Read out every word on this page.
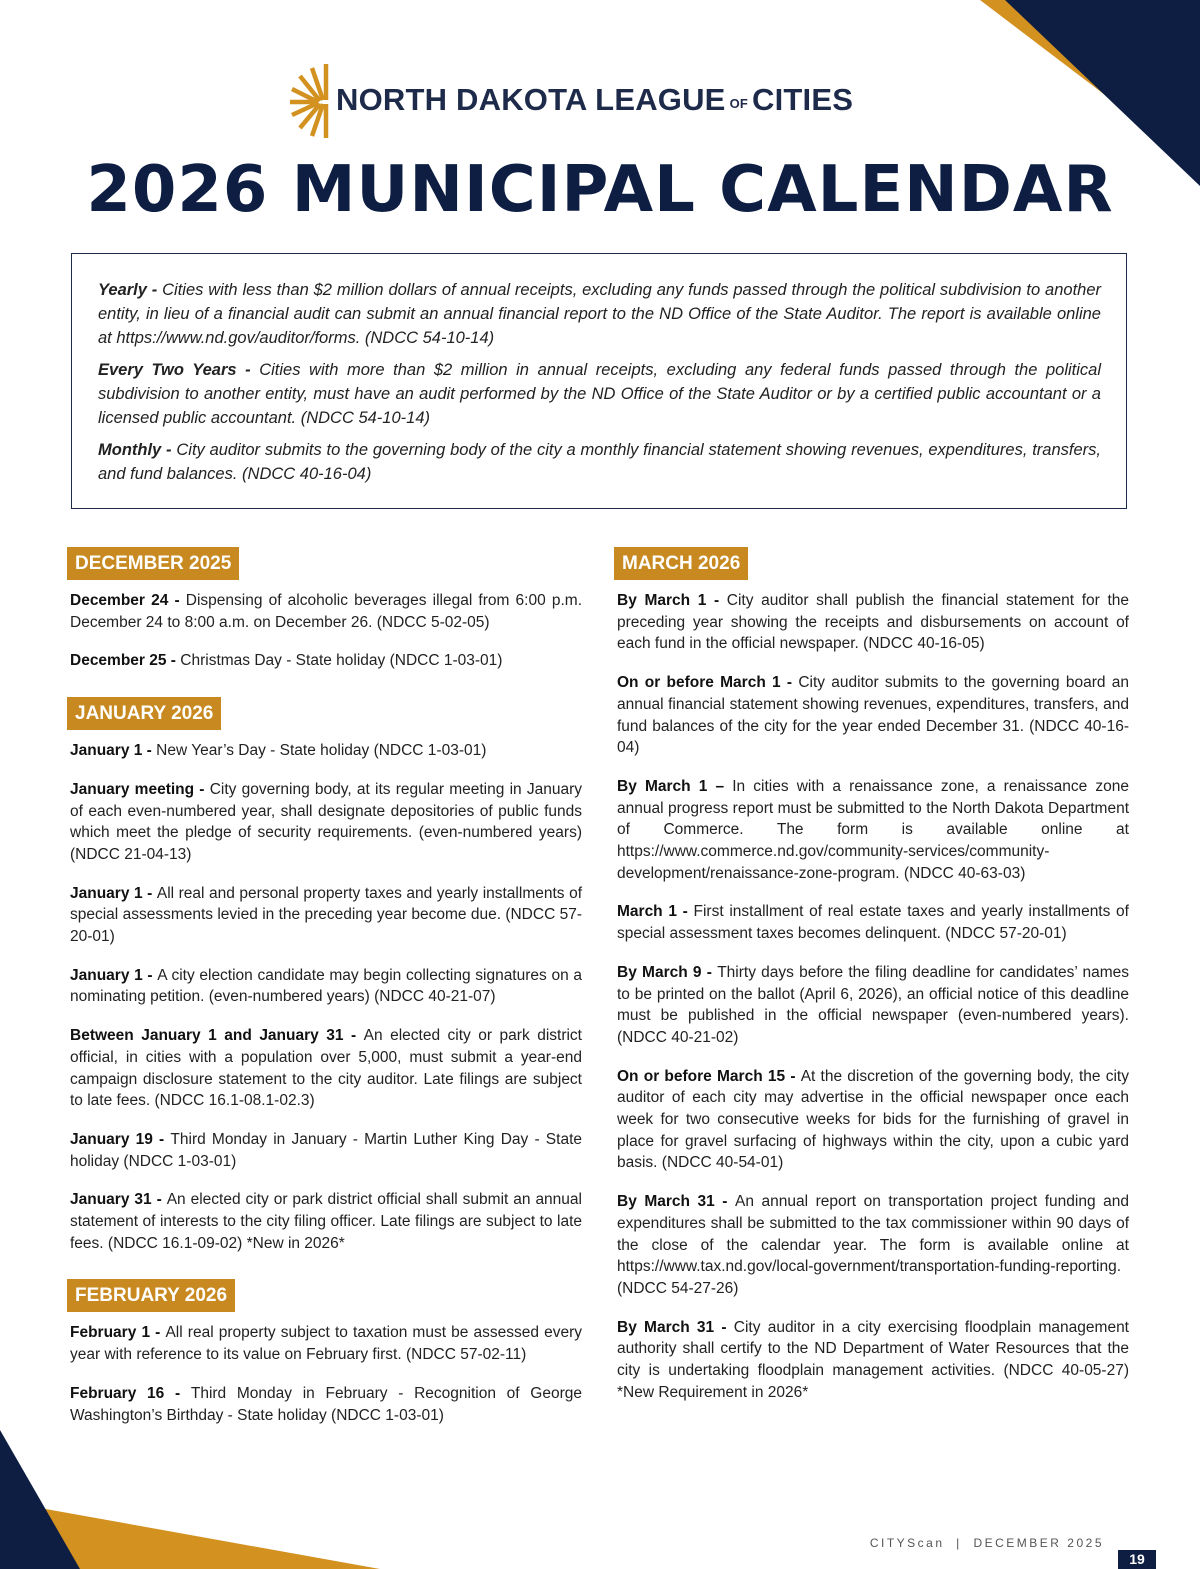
NORTH DAKOTA LEAGUE OF CITIES
2026 MUNICIPAL CALENDAR

Yearly - Cities with less than $2 million dollars of annual receipts, excluding any funds passed through the political subdivision to another entity, in lieu of a financial audit can submit an annual financial report to the ND Office of the State Auditor. The report is available online at https://www.nd.gov/auditor/forms. (NDCC 54-10-14)

Every Two Years - Cities with more than $2 million in annual receipts, excluding any federal funds passed through the political subdivision to another entity, must have an audit performed by the ND Office of the State Auditor or by a certified public accountant or a licensed public accountant. (NDCC 54-10-14)

Monthly - City auditor submits to the governing body of the city a monthly financial statement showing revenues, expenditures, transfers, and fund balances. (NDCC 40-16-04)

DECEMBER 2025
December 24 - Dispensing of alcoholic beverages illegal from 6:00 p.m. December 24 to 8:00 a.m. on December 26. (NDCC 5-02-05)
December 25 - Christmas Day - State holiday (NDCC 1-03-01)
JANUARY 2026
January 1 - New Year’s Day - State holiday (NDCC 1-03-01)
January meeting - City governing body, at its regular meeting in January of each even-numbered year, shall designate depositories of public funds which meet the pledge of security requirements. (even-numbered years) (NDCC 21-04-13)
January 1 - All real and personal property taxes and yearly installments of special assessments levied in the preceding year become due. (NDCC 57-20-01)
January 1 - A city election candidate may begin collecting signatures on a nominating petition. (even-numbered years) (NDCC 40-21-07)
Between January 1 and January 31 - An elected city or park district official, in cities with a population over 5,000, must submit a year-end campaign disclosure statement to the city auditor. Late filings are subject to late fees. (NDCC 16.1-08.1-02.3)
January 19 - Third Monday in January - Martin Luther King Day - State holiday (NDCC 1-03-01)
January 31 - An elected city or park district official shall submit an annual statement of interests to the city filing officer. Late filings are subject to late fees. (NDCC 16.1-09-02) *New in 2026*
FEBRUARY 2026
February 1 - All real property subject to taxation must be assessed every year with reference to its value on February first. (NDCC 57-02-11)
February 16 - Third Monday in February - Recognition of George Washington’s Birthday - State holiday (NDCC 1-03-01)
MARCH 2026
By March 1 - City auditor shall publish the financial statement for the preceding year showing the receipts and disbursements on account of each fund in the official newspaper. (NDCC 40-16-05)
On or before March 1 - City auditor submits to the governing board an annual financial statement showing revenues, expenditures, transfers, and fund balances of the city for the year ended December 31. (NDCC 40-16-04)
By March 1 – In cities with a renaissance zone, a renaissance zone annual progress report must be submitted to the North Dakota Department of Commerce. The form is available online at https://www.commerce.nd.gov/community-services/community-development/renaissance-zone-program. (NDCC 40-63-03)
March 1 - First installment of real estate taxes and yearly installments of special assessment taxes becomes delinquent. (NDCC 57-20-01)
By March 9 - Thirty days before the filing deadline for candidates’ names to be printed on the ballot (April 6, 2026), an official notice of this deadline must be published in the official newspaper (even-numbered years). (NDCC 40-21-02)
On or before March 15 - At the discretion of the governing body, the city auditor of each city may advertise in the official newspaper once each week for two consecutive weeks for bids for the furnishing of gravel in place for gravel surfacing of highways within the city, upon a cubic yard basis. (NDCC 40-54-01)
By March 31 - An annual report on transportation project funding and expenditures shall be submitted to the tax commissioner within 90 days of the close of the calendar year. The form is available online at https://www.tax.nd.gov/local-government/transportation-funding-reporting. (NDCC 54-27-26)
By March 31 - City auditor in a city exercising floodplain management authority shall certify to the ND Department of Water Resources that the city is undertaking floodplain management activities. (NDCC 40-05-27) *New Requirement in 2026*
CITYScan  |  DECEMBER 2025
19
